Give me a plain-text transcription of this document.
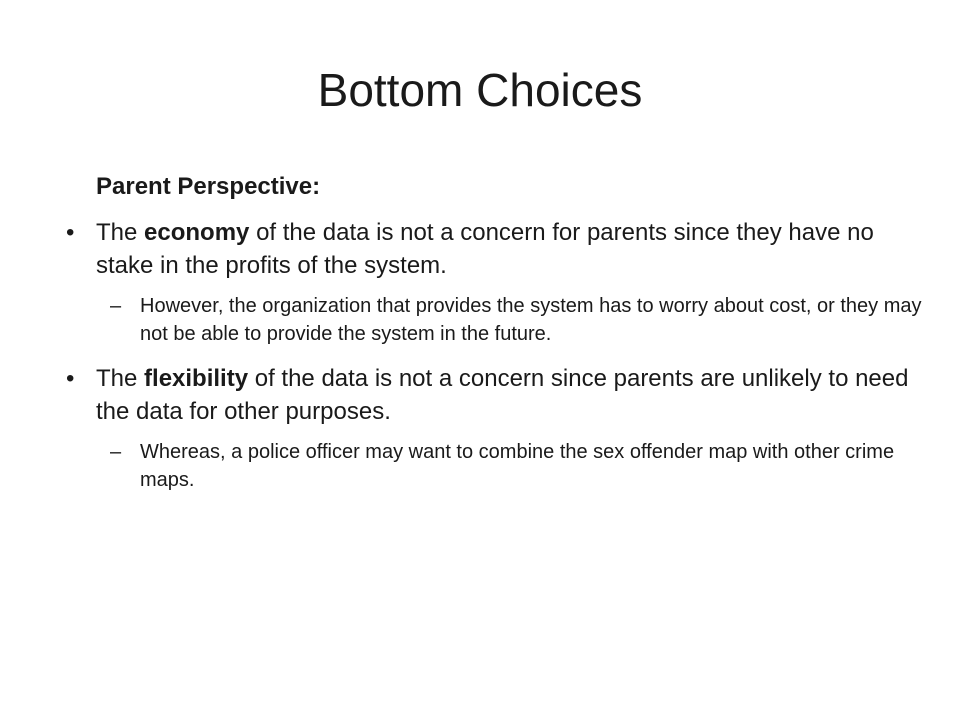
Bottom Choices

Parent Perspective:

• The economy of the data is not a concern for parents since they have no stake in the profits of the system.
– However, the organization that provides the system has to worry about cost, or they may not be able to provide the system in the future.
• The flexibility of the data is not a concern since parents are unlikely to need the data for other purposes.
– Whereas, a police officer may want to combine the sex offender map with other crime maps.
